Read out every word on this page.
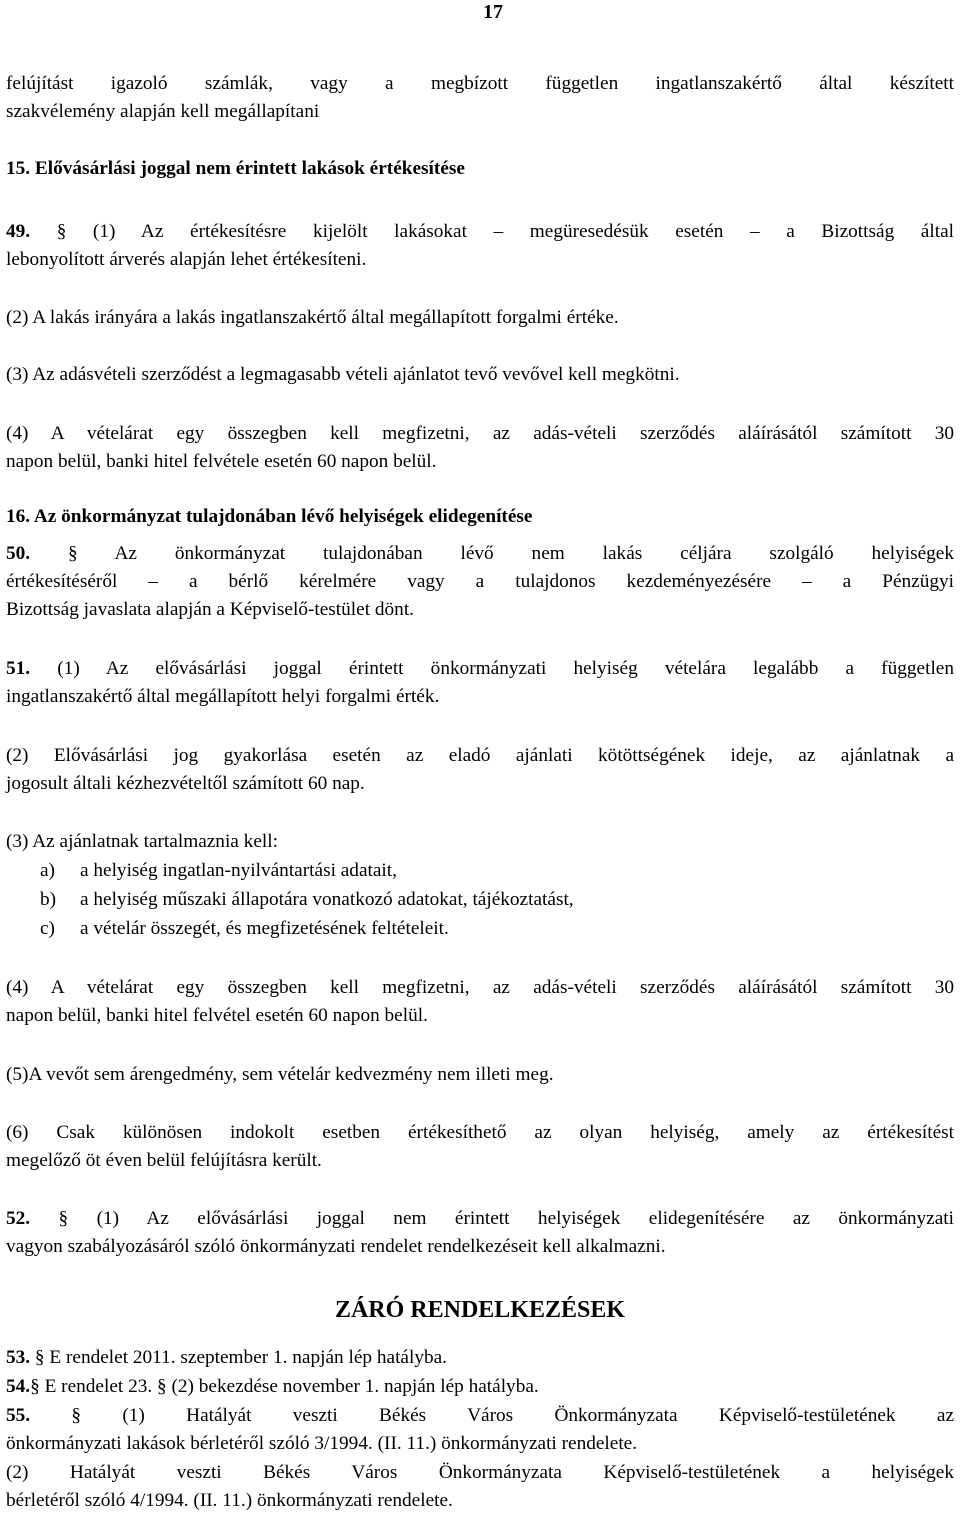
17
felújítást igazoló számlák, vagy a megbízott független ingatlanszakértő által készített
szakvélemény alapján kell megállapítani
15. Elővásárlási joggal nem érintett lakások értékesítése
49. § (1) Az értékesítésre kijelölt lakásokat – megüresedésük esetén – a Bizottság által
lebonyolított árverés alapján lehet értékesíteni.
(2) A lakás irányára a lakás ingatlanszakértő által megállapított forgalmi értéke.
(3) Az adásvételi szerződést a legmagasabb vételi ajánlatot tevő vevővel kell megkötni.
(4) A vételárat egy összegben kell megfizetni, az adás-vételi szerződés aláírásától számított 30
napon belül, banki hitel felvétele esetén 60 napon belül.
16. Az önkormányzat tulajdonában lévő helyiségek elidegenítése
50. § Az önkormányzat tulajdonában lévő nem lakás céljára szolgáló helyiségek
értékesítéséről – a bérlő kérelmére vagy a tulajdonos kezdeményezésére – a Pénzügyi
Bizottság javaslata alapján a Képviselő-testület dönt.
51. (1) Az elővásárlási joggal érintett önkormányzati helyiség vételára legalább a független
ingatlanszakértő által megállapított helyi forgalmi érték.
(2) Elővásárlási jog gyakorlása esetén az eladó ajánlati kötöttségének ideje, az ajánlatnak a
jogosult általi kézhezvételtől számított 60 nap.
(3) Az ajánlatnak tartalmaznia kell:
(4) A vételárat egy összegben kell megfizetni, az adás-vételi szerződés aláírásától számított 30
napon belül, banki hitel felvétel esetén 60 napon belül.
(5)A vevőt sem árengedmény, sem vételár kedvezmény nem illeti meg.
(6) Csak különösen indokolt esetben értékesíthető az olyan helyiség, amely az értékesítést
megelőző öt éven belül felújításra került.
52. § (1) Az elővásárlási joggal nem érintett helyiségek elidegenítésére az önkormányzati
vagyon szabályozásáról szóló önkormányzati rendelet rendelkezéseit kell alkalmazni.
53. § E rendelet 2011. szeptember 1. napján lép hatályba.
54.§ E rendelet 23. § (2) bekezdése november 1. napján lép hatályba.
55. § (1) Hatályát veszti Békés Város Önkormányzata Képviselő-testületének az
önkormányzati lakások bérletéről szóló 3/1994. (II. 11.) önkormányzati rendelete.
(2) Hatályát veszti Békés Város Önkormányzata Képviselő-testületének a helyiségek
bérletéről szóló 4/1994. (II. 11.) önkormányzati rendelete.
a) a helyiség ingatlan-nyilvántartási adatait,
b) a helyiség műszaki állapotára vonatkozó adatokat, tájékoztatást,
c) a vételár összegét, és megfizetésének feltételeit.
ZÁRÓ RENDELKEZÉSEK
